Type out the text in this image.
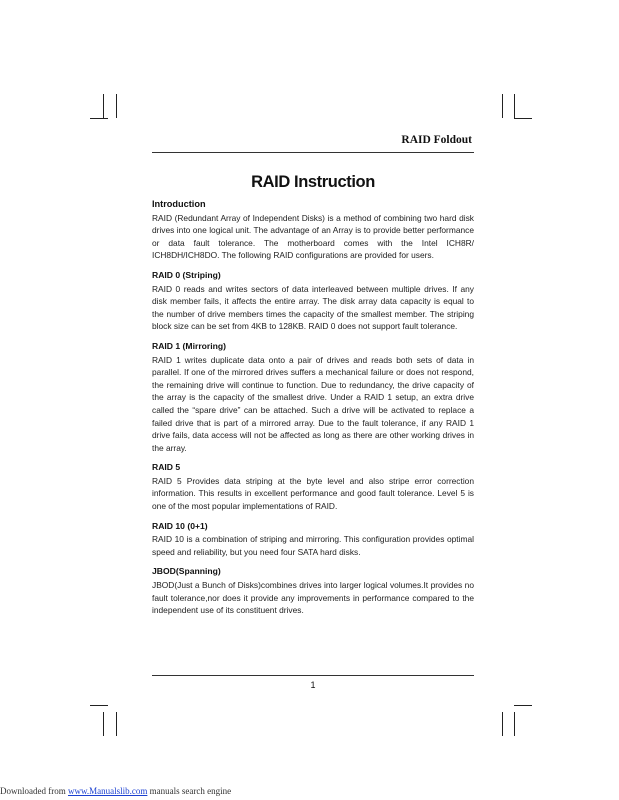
RAID Foldout
RAID Instruction

Introduction

RAID (Redundant Array of Independent Disks) is a method of combining two hard disk drives into one logical unit. The advantage of an Array is to provide better performance or data fault tolerance. The motherboard comes with the Intel ICH8R/ ICH8DH/ICH8DO. The following RAID configurations are provided for users.

RAID 0 (Striping)

RAID 0 reads and writes sectors of data interleaved between multiple drives. If any disk member fails, it affects the entire array. The disk array data capacity is equal to the number of drive members times the capacity of the smallest member. The striping block size can be set from 4KB to 128KB. RAID 0 does not support fault tolerance.

RAID 1 (Mirroring)

RAID 1 writes duplicate data onto a pair of drives and reads both sets of data in parallel. If one of the mirrored drives suffers a mechanical failure or does not respond, the remaining drive will continue to function. Due to redundancy, the drive capacity of the array is the capacity of the smallest drive. Under a RAID 1 setup, an extra drive called the “spare drive” can be attached. Such a drive will be activated to replace a failed drive that is part of a mirrored array. Due to the fault tolerance, if any RAID 1 drive fails, data access will not be affected as long as there are other working drives in the array.

RAID 5

RAID 5 Provides data striping at the byte level and also stripe error correction information. This results in excellent performance and good fault tolerance. Level 5 is one of the most popular implementations of RAID.

RAID 10 (0+1)

RAID 10 is a combination of striping and mirroring. This configuration provides optimal speed and reliability, but you need four SATA hard disks.

JBOD(Spanning)

JBOD(Just a Bunch of Disks)combines drives into larger logical volumes.It provides no fault tolerance,nor does it provide any improvements in performance compared to the independent use of its constituent drives.

1
Downloaded from www.Manualslib.com manuals search engine
